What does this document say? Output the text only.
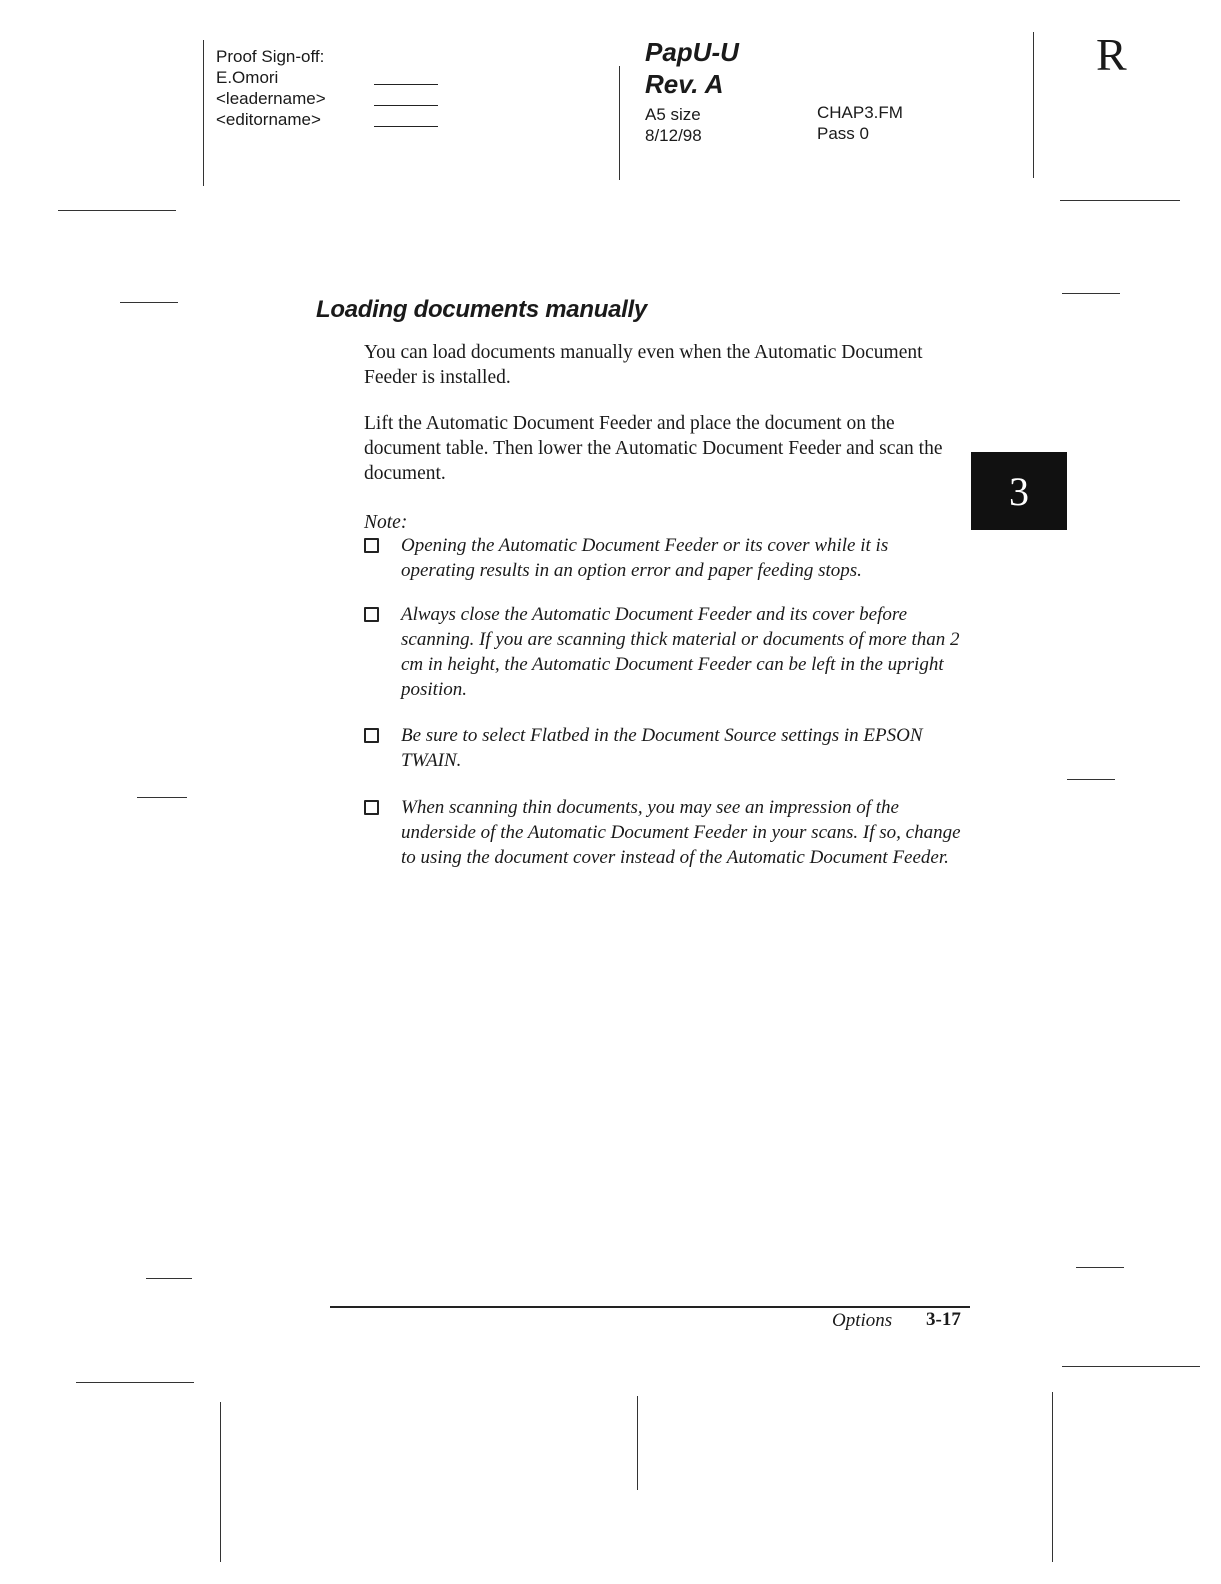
Proof Sign-off:
E.Omori
<leadername>
<editorname>
PapU-U
Rev. A
A5 size
8/12/98
CHAP3.FM
Pass 0
R
Loading documents manually
You can load documents manually even when the Automatic Document Feeder is installed.
Lift the Automatic Document Feeder and place the document on the document table. Then lower the Automatic Document Feeder and scan the document.	3
Note:
Opening the Automatic Document Feeder or its cover while it is operating results in an option error and paper feeding stops.
Always close the Automatic Document Feeder and its cover before scanning. If you are scanning thick material or documents of more than 2 cm in height, the Automatic Document Feeder can be left in the upright position.
Be sure to select Flatbed in the Document Source settings in EPSON TWAIN.
When scanning thin documents, you may see an impression of the underside of the Automatic Document Feeder in your scans. If so, change to using the document cover instead of the Automatic Document Feeder.
Options 3-17
